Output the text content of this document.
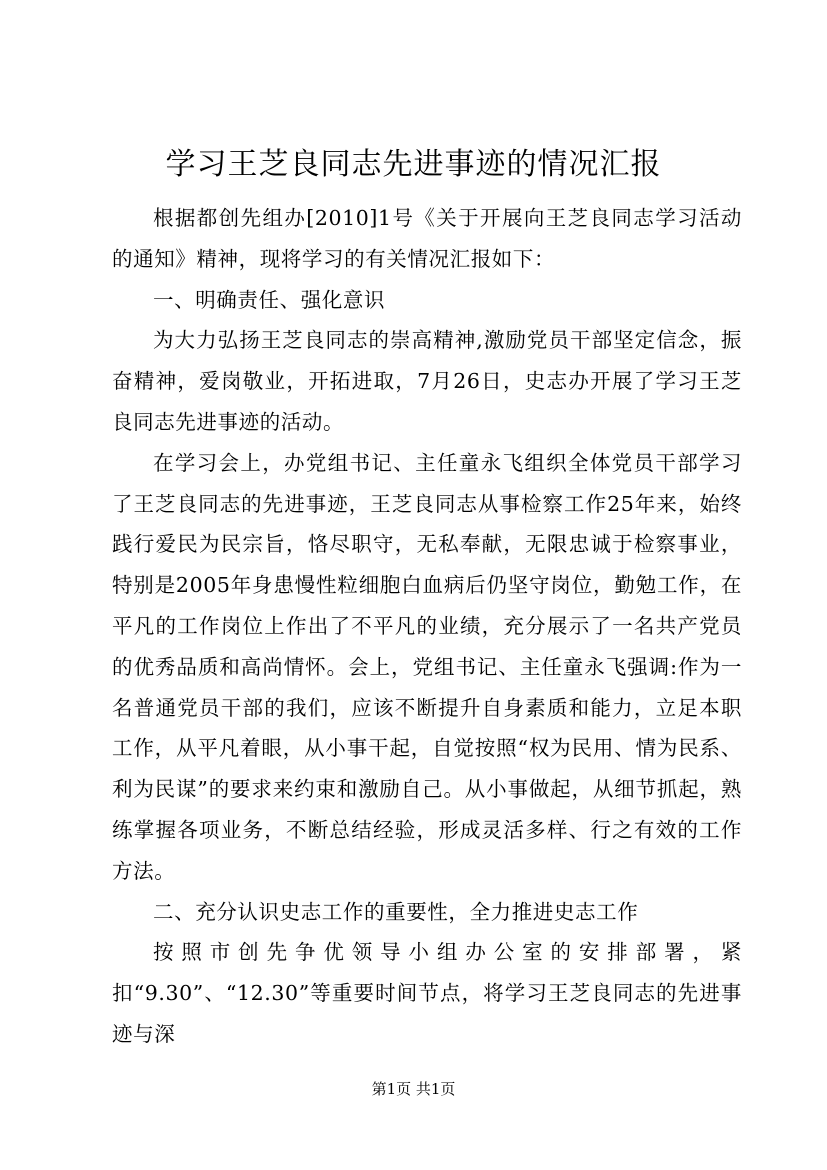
学习王芝良同志先进事迹的情况汇报

根据都创先组办[2010]1号《关于开展向王芝良同志学习活动的通知》精神，现将学习的有关情况汇报如下：

一、明确责任、强化意识

为大力弘扬王芝良同志的崇高精神,激励党员干部坚定信念，振奋精神，爱岗敬业，开拓进取，7月26日，史志办开展了学习王芝良同志先进事迹的活动。

在学习会上，办党组书记、主任童永飞组织全体党员干部学习了王芝良同志的先进事迹，王芝良同志从事检察工作25年来，始终践行爱民为民宗旨，恪尽职守，无私奉献，无限忠诚于检察事业，特别是2005年身患慢性粒细胞白血病后仍坚守岗位，勤勉工作，在平凡的工作岗位上作出了不平凡的业绩，充分展示了一名共产党员的优秀品质和高尚情怀。会上，党组书记、主任童永飞强调:作为一名普通党员干部的我们，应该不断提升自身素质和能力，立足本职工作，从平凡着眼，从小事干起，自觉按照“权为民用、情为民系、利为民谋”的要求来约束和激励自己。从小事做起，从细节抓起，熟练掌握各项业务，不断总结经验，形成灵活多样、行之有效的工作方法。

二、充分认识史志工作的重要性，全力推进史志工作

按照市创先争优领导小组办公室的安排部署，紧扣“9.30”、“12.30”等重要时间节点，将学习王芝良同志的先进事迹与深

第1页 共1页
